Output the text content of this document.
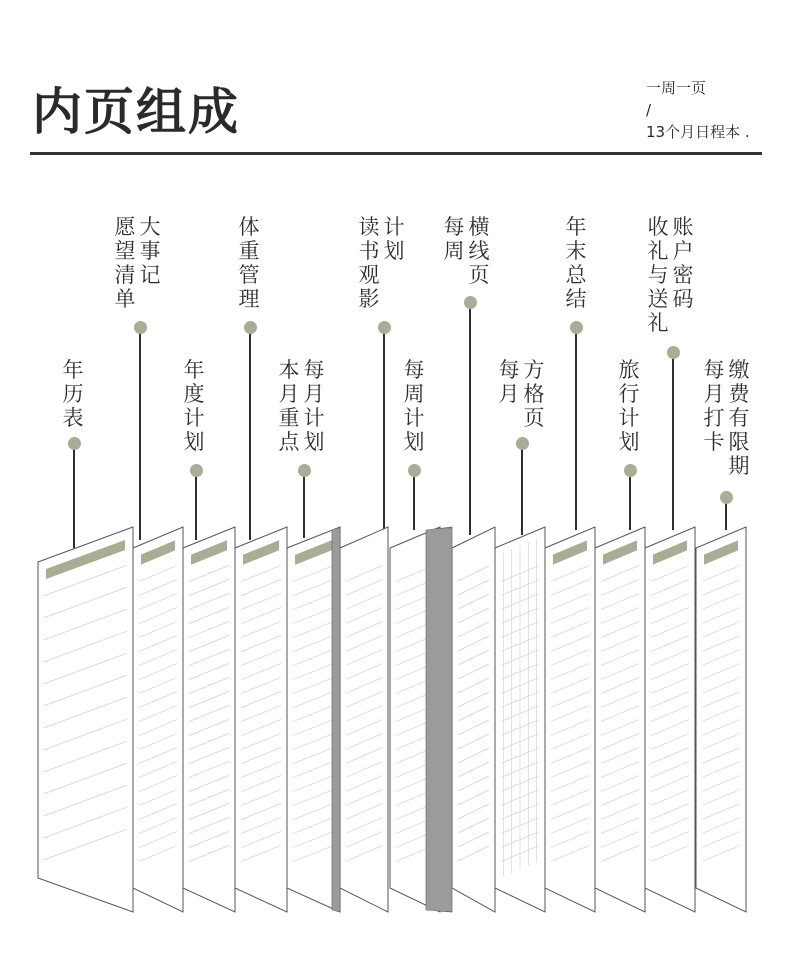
内页组成	一周一页
/
13个月日程本 .
年
历
表
大
事
记
愿
望
清
单
年
度
计
划
体
重
管
理
每
月
计
划
本
月
重
点
计
划
读
书
观
影
每
周
计
划
横
线
页
每
周
方
格
页
每
月
年
末
总
结
旅
行
计
划
账
户
密
码
收
礼
与
送
礼
缴
费
有
限
期
每
月
打
卡
